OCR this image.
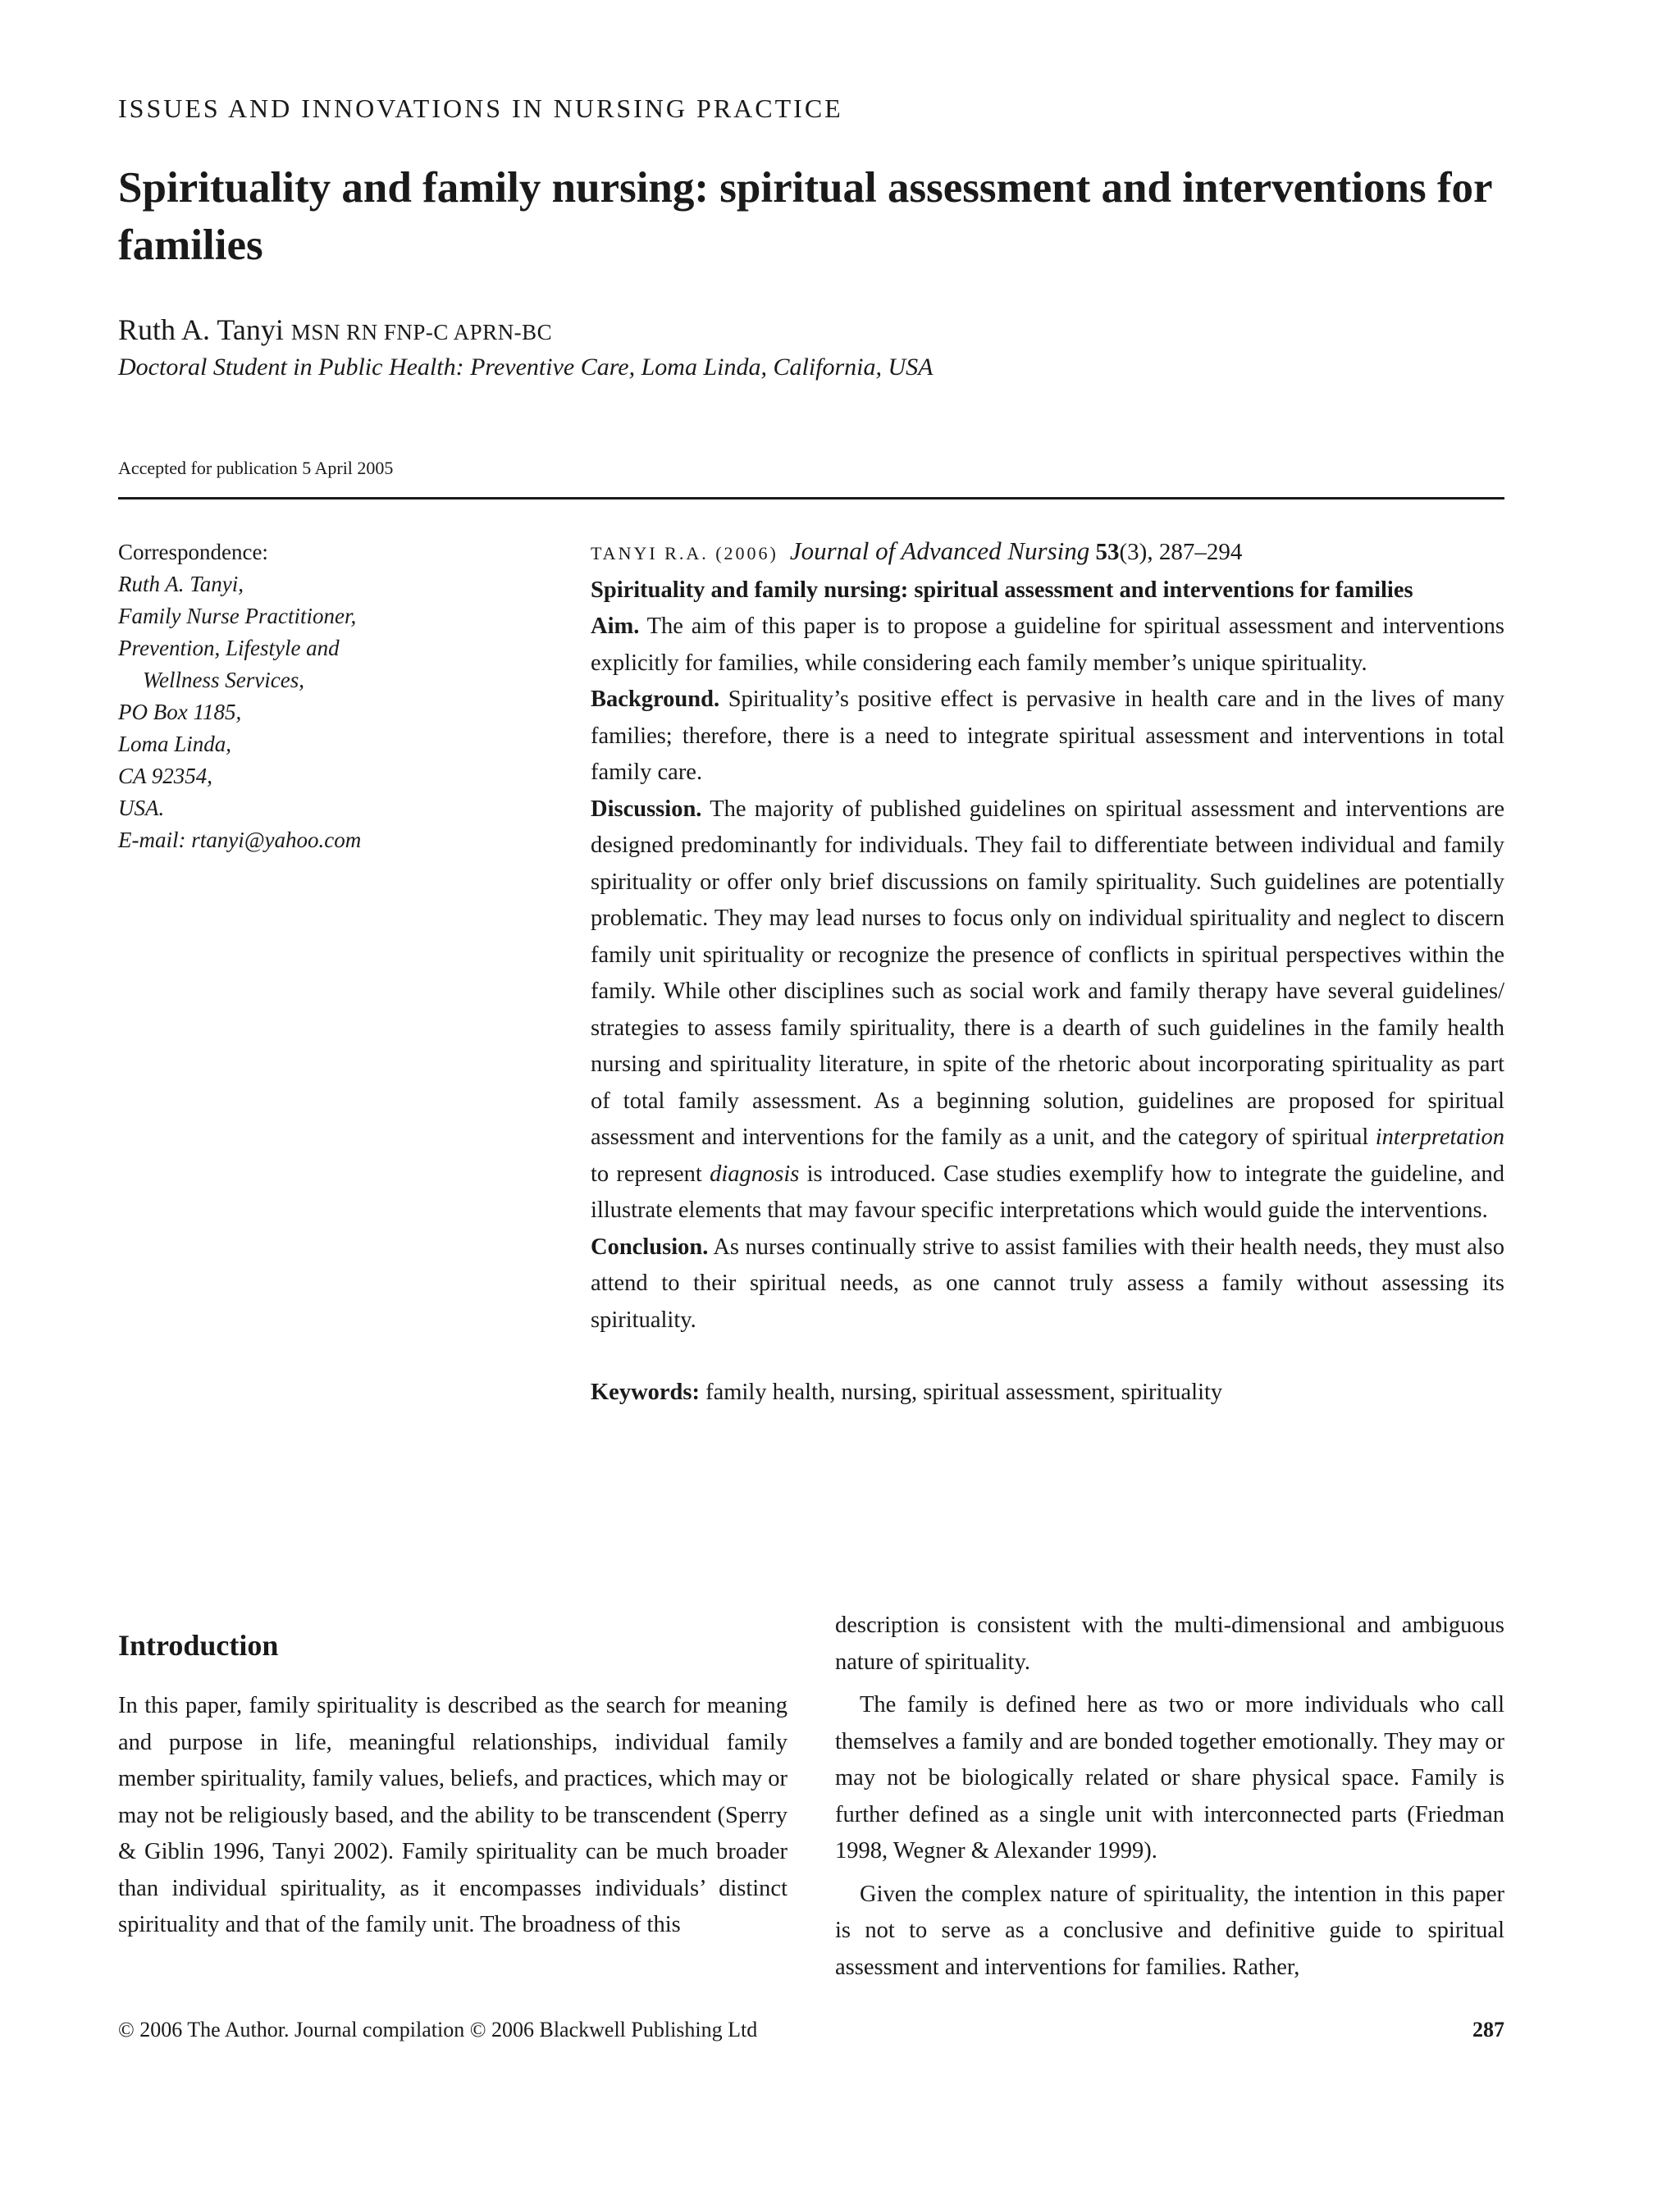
ISSUES AND INNOVATIONS IN NURSING PRACTICE
Spirituality and family nursing: spiritual assessment and interventions for families

Ruth A. Tanyi MSN RN FNP-C APRN-BC

Doctoral Student in Public Health: Preventive Care, Loma Linda, California, USA

Accepted for publication 5 April 2005

Correspondence:
Ruth A. Tanyi,
Family Nurse Practitioner,
Prevention, Lifestyle and
Wellness Services,
PO Box 1185,
Loma Linda,
CA 92354,
USA.
E-mail: rtanyi@yahoo.com

TANYI R.A. (2006) Journal of Advanced Nursing 53(3), 287–294

Spirituality and family nursing: spiritual assessment and interventions for families

Aim. The aim of this paper is to propose a guideline for spiritual assessment and interventions explicitly for families, while considering each family member’s unique spirituality.

Background. Spirituality’s positive effect is pervasive in health care and in the lives of many families; therefore, there is a need to integrate spiritual assessment and interventions in total family care.

Discussion. The majority of published guidelines on spiritual assessment and interventions are designed predominantly for individuals. They fail to differentiate between individual and family spirituality or offer only brief discussions on family spirituality. Such guidelines are potentially problematic. They may lead nurses to focus only on individual spirituality and neglect to discern family unit spirituality or recognize the presence of conflicts in spiritual perspectives within the family. While other disciplines such as social work and family therapy have several guidelines/ strategies to assess family spirituality, there is a dearth of such guidelines in the family health nursing and spirituality literature, in spite of the rhetoric about incorporating spirituality as part of total family assessment. As a beginning solution, guidelines are proposed for spiritual assessment and interventions for the family as a unit, and the category of spiritual interpretation to represent diagnosis is introduced. Case studies exemplify how to integrate the guideline, and illustrate elements that may favour specific interpretations which would guide the interventions.

Conclusion. As nurses continually strive to assist families with their health needs, they must also attend to their spiritual needs, as one cannot truly assess a family without assessing its spirituality.

Keywords: family health, nursing, spiritual assessment, spirituality

Introduction

In this paper, family spirituality is described as the search for meaning and purpose in life, meaningful relationships, individual family member spirituality, family values, beliefs, and practices, which may or may not be religiously based, and the ability to be transcendent (Sperry & Giblin 1996, Tanyi 2002). Family spirituality can be much broader than individual spirituality, as it encompasses individuals’ distinct spirituality and that of the family unit. The broadness of this

description is consistent with the multi-dimensional and ambiguous nature of spirituality.

The family is defined here as two or more individuals who call themselves a family and are bonded together emotionally. They may or may not be biologically related or share physical space. Family is further defined as a single unit with interconnected parts (Friedman 1998, Wegner & Alexander 1999).

Given the complex nature of spirituality, the intention in this paper is not to serve as a conclusive and definitive guide to spiritual assessment and interventions for families. Rather,

© 2006 The Author. Journal compilation © 2006 Blackwell Publishing Ltd	287
